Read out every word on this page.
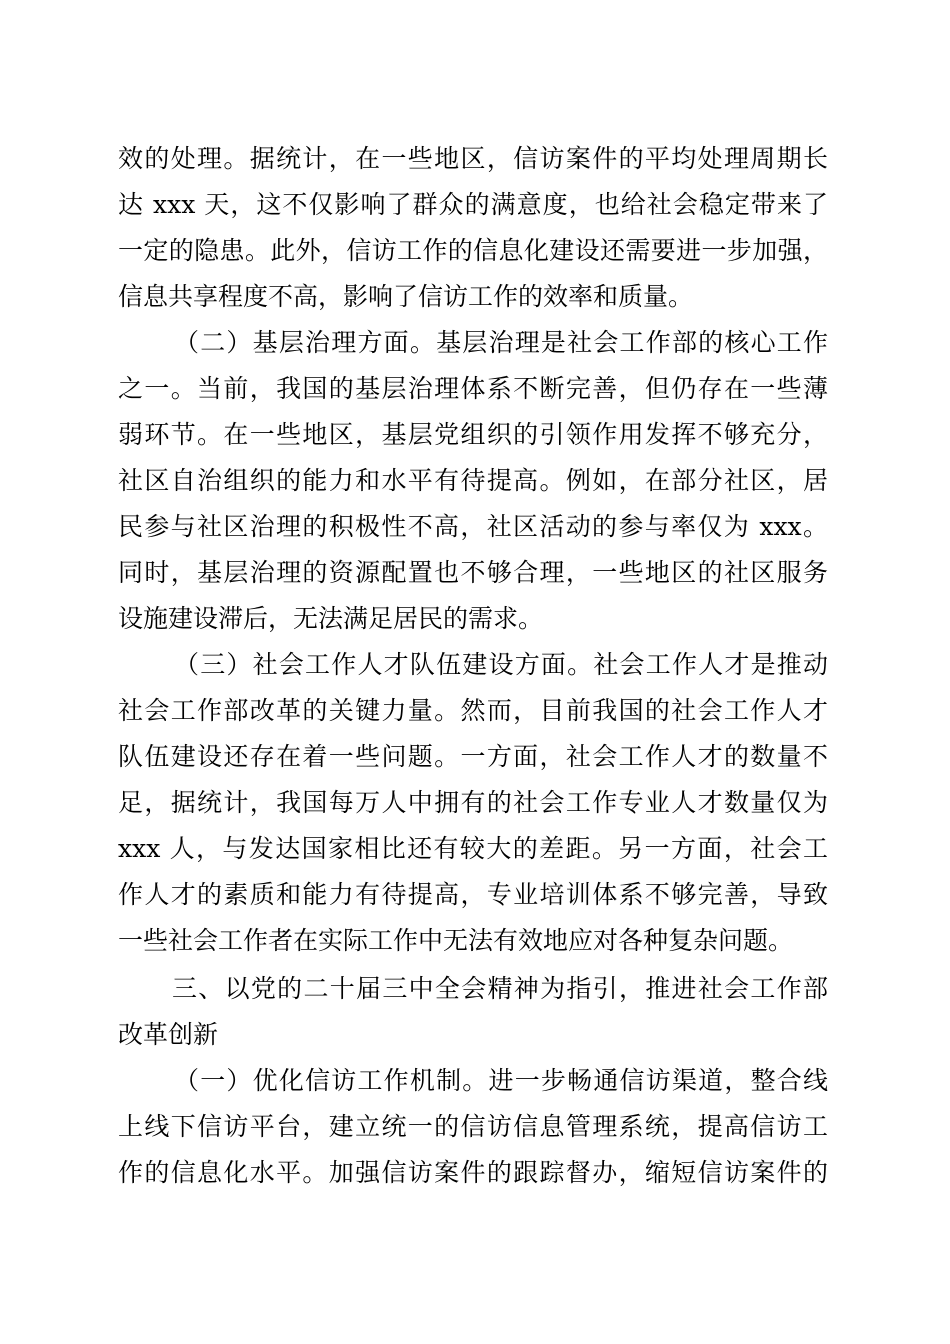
效的处理。据统计，在一些地区，信访案件的平均处理周期长
达 xxx 天，这不仅影响了群众的满意度，也给社会稳定带来了
一定的隐患。此外，信访工作的信息化建设还需要进一步加强，
信息共享程度不高，影响了信访工作的效率和质量。
（二）基层治理方面。基层治理是社会工作部的核心工作
之一。当前，我国的基层治理体系不断完善，但仍存在一些薄
弱环节。在一些地区，基层党组织的引领作用发挥不够充分，
社区自治组织的能力和水平有待提高。例如，在部分社区，居
民参与社区治理的积极性不高，社区活动的参与率仅为 xxx。
同时，基层治理的资源配置也不够合理，一些地区的社区服务
设施建设滞后，无法满足居民的需求。
（三）社会工作人才队伍建设方面。社会工作人才是推动
社会工作部改革的关键力量。然而，目前我国的社会工作人才
队伍建设还存在着一些问题。一方面，社会工作人才的数量不
足，据统计，我国每万人中拥有的社会工作专业人才数量仅为
xxx 人，与发达国家相比还有较大的差距。另一方面，社会工
作人才的素质和能力有待提高，专业培训体系不够完善，导致
一些社会工作者在实际工作中无法有效地应对各种复杂问题。
三、以党的二十届三中全会精神为指引，推进社会工作部
改革创新
（一）优化信访工作机制。进一步畅通信访渠道，整合线
上线下信访平台，建立统一的信访信息管理系统，提高信访工
作的信息化水平。加强信访案件的跟踪督办，缩短信访案件的
